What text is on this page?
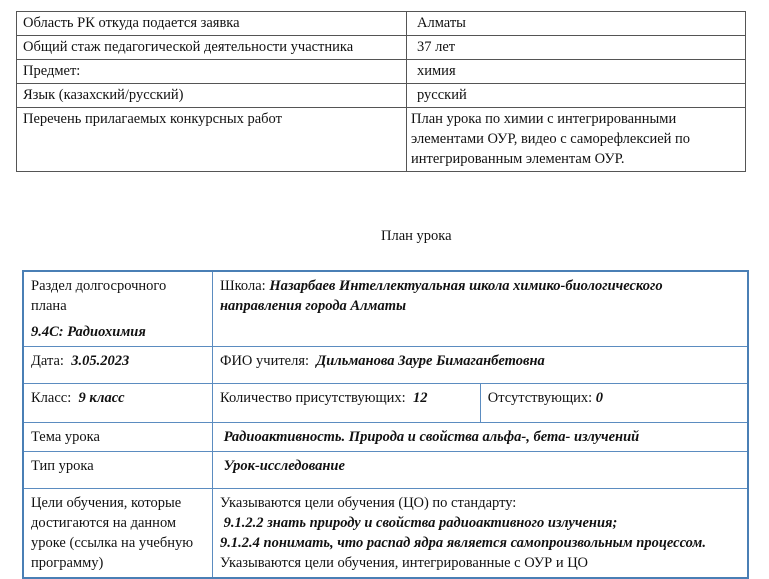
Область РК откуда подается заявка	Алматы
Общий стаж педагогической деятельности участника	37 лет
Предмет:	химия
Язык (казахский/русский)	русский
Перечень прилагаемых конкурсных работ	План урока по химии с интегрированными элементами ОУР, видео с саморефлексией по интегрированным элементам ОУР.
План урока
Раздел долгосрочного плана
9.4С: Радиохимия	Школа: Назарбаев Интеллектуальная школа химико-биологического направления города Алматы	
Дата: 3.05.2023	ФИО учителя: Дильманова Зауре Бимаганбетовна	
Класс: 9 класс	Количество присутствующих: 12	Отсутствующих: 0
Тема урока	Радиоактивность. Природа и свойства альфа-, бета- излучений	
Тип урока	Урок-исследование	
Цели обучения, которые достигаются на данном уроке (ссылка на учебную программу)	Указываются цели обучения (ЦО) по стандарту:
9.1.2.2 знать природу и свойства радиоактивного излучения;
9.1.2.4 понимать, что распад ядра является самопроизвольным процессом.
Указываются цели обучения, интегрированные с ОУР и ЦО	
